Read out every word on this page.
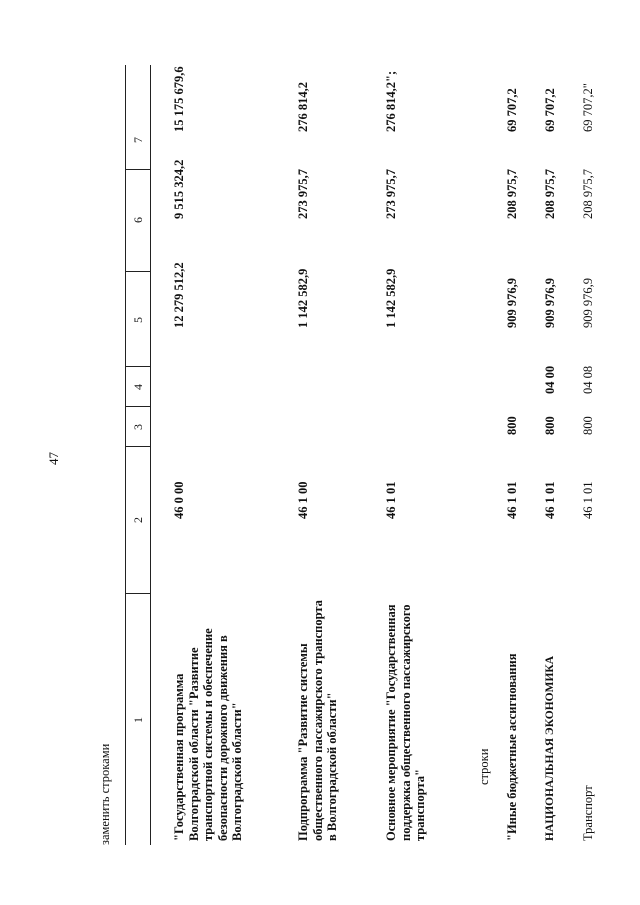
47
заменить строками
1
2
3
4
5
6
7
"Государственная программа Волгоградской области "Развитие транспортной системы и обеспечение безопасности дорожного движения в Волгоградской области"
46 0 00
12 279 512,2
9 515 324,2
15 175 679,6
Подпрограмма "Развитие системы общественного пассажирского транспорта в Волгоградской области"
46 1 00
1 142 582,9
273 975,7
276 814,2
Основное мероприятие "Государственная поддержка общественного пассажирского транспорта"
46 1 01
1 142 582,9
273 975,7
276 814,2";
строки "Иные бюджетные ассигнования
46 1 01
800
909 976,9
208 975,7
69 707,2
НАЦИОНАЛЬНАЯ ЭКОНОМИКА
46 1 01
800
04 00
909 976,9
208 975,7
69 707,2
Транспорт
46 1 01
800
04 08
909 976,9
208 975,7
69 707,2"
